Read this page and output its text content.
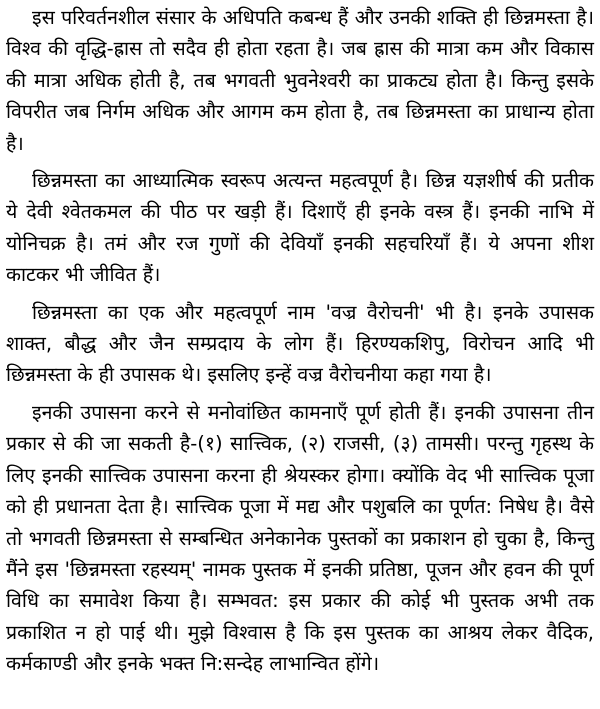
इस परिवर्तनशील संसार के अधिपति कबन्ध हैं और उनकी शक्ति ही छिन्नमस्ता है। विश्व की वृद्धि-ह्रास तो सदैव ही होता रहता है। जब ह्रास की मात्रा कम और विकास की मात्रा अधिक होती है, तब भगवती भुवनेश्वरी का प्राकट्य होता है। किन्तु इसके विपरीत जब निर्गम अधिक और आगम कम होता है, तब छिन्नमस्ता का प्राधान्य होता है।

छिन्नमस्ता का आध्यात्मिक स्वरूप अत्यन्त महत्वपूर्ण है। छिन्न यज्ञशीर्ष की प्रतीक ये देवी श्वेतकमल की पीठ पर खड़ी हैं। दिशाएँ ही इनके वस्त्र हैं। इनकी नाभि में योनिचक्र है। तमं और रज गुणों की देवियाँ इनकी सहचरियाँ हैं। ये अपना शीश काटकर भी जीवित हैं।

छिन्नमस्ता का एक और महत्वपूर्ण नाम 'वज्र वैरोचनी' भी है। इनके उपासक शाक्त, बौद्ध और जैन सम्प्रदाय के लोग हैं। हिरण्यकशिपु, विरोचन आदि भी छिन्नमस्ता के ही उपासक थे। इसलिए इन्हें वज्र वैरोचनीया कहा गया है।

इनकी उपासना करने से मनोवांछित कामनाएँ पूर्ण होती हैं। इनकी उपासना तीन प्रकार से की जा सकती है-(१) सात्त्विक, (२) राजसी, (३) तामसी। परन्तु गृहस्थ के लिए इनकी सात्त्विक उपासना करना ही श्रेयस्कर होगा। क्योंकि वेद भी सात्त्विक पूजा को ही प्रधानता देता है। सात्त्विक पूजा में मद्य और पशुबलि का पूर्णत: निषेध है। वैसे तो भगवती छिन्नमस्ता से सम्बन्धित अनेकानेक पुस्तकों का प्रकाशन हो चुका है, किन्तु मैंने इस 'छिन्नमस्ता रहस्यम्' नामक पुस्तक में इनकी प्रतिष्ठा, पूजन और हवन की पूर्ण विधि का समावेश किया है। सम्भवत: इस प्रकार की कोई भी पुस्तक अभी तक प्रकाशित न हो पाई थी। मुझे विश्वास है कि इस पुस्तक का आश्रय लेकर वैदिक, कर्मकाण्डी और इनके भक्त नि:सन्देह लाभान्वित होंगे।
